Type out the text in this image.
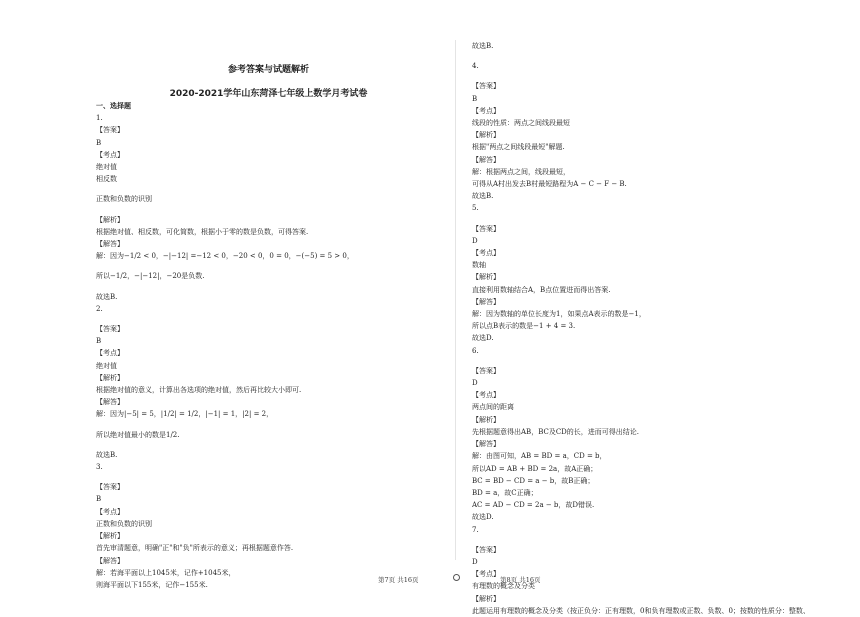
参考答案与试题解析
2020-2021学年山东菏泽七年级上数学月考试卷
一、选择题
1.
【答案】
B
【考点】
绝对值
相反数
正数和负数的识别
【解析】
根据绝对值、相反数，可化简数，根据小于零的数是负数，可得答案.
【解答】
解：因为−1/2 < 0，−|−12| =−12 < 0，−20 < 0，0 = 0，−(−5) = 5 > 0，
所以−1/2，−|−12|，−20是负数.
故选B.
2.
【答案】
B
【考点】
绝对值
【解析】
根据绝对值的意义，计算出各选项的绝对值，然后再比较大小即可.
【解答】
解：因为|−5| = 5，|1/2| = 1/2，|−1| = 1，|2| = 2，
所以绝对值最小的数是1/2.
故选B.
3.
【答案】
B
【考点】
正数和负数的识别
【解析】
首先审清题意，明确"正"和"负"所表示的意义；再根据题意作答.
【解答】
解：若海平面以上1045米，记作+1045米，
则海平面以下155米，记作−155米.
故选B.
4.
【答案】
B
【考点】
线段的性质：两点之间线段最短
【解析】
根据"两点之间线段最短"解题.
【解答】
解：根据两点之间，线段最短，
可得从A村出发去B村最短路程为A − C − F − B.
故选B.
5.
【答案】
D
【考点】
数轴
【解析】
直接利用数轴结合A，B点位置进而得出答案.
【解答】
解：因为数轴的单位长度为1，如果点A表示的数是−1，
所以点B表示的数是−1 + 4 = 3.
故选D.
6.
【答案】
D
【考点】
两点间的距离
【解析】
先根据题意得出AB，BC及CD的长，进而可得出结论.
【解答】
解：由图可知，AB = BD = a，CD = b，
所以AD = AB + BD = 2a，故A正确；
BC = BD − CD = a − b，故B正确；
BD = a，故C正确；
AC = AD − CD = 2a − b，故D错误.
故选D.
7.
【答案】
D
【考点】
有理数的概念及分类
【解析】
此题运用有理数的概念及分类（按正负分：正有理数，0和负有理数或正数、负数、0；按数的性质分：整数、
第7页 共16页	第8页 共16页
